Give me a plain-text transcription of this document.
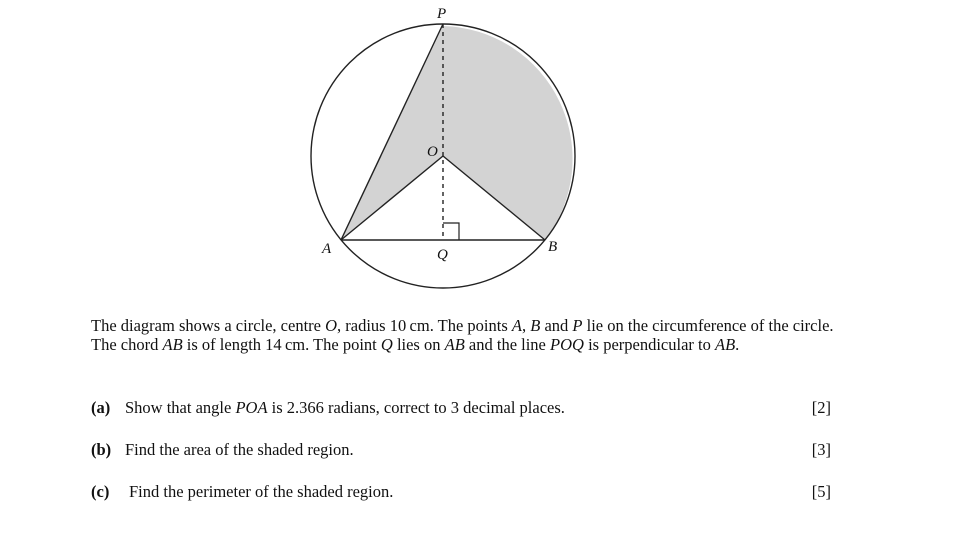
P
O
A	B
Q

The diagram shows a circle, centre O, radius 10 cm. The points A, B and P lie on the circumference of the circle. The chord AB is of length 14 cm. The point Q lies on AB and the line POQ is perpendicular to AB.

(a) Show that angle POA is 2.366 radians, correct to 3 decimal places.	[2]
(b) Find the area of the shaded region.	[3]
(c) Find the perimeter of the shaded region.	[5]
